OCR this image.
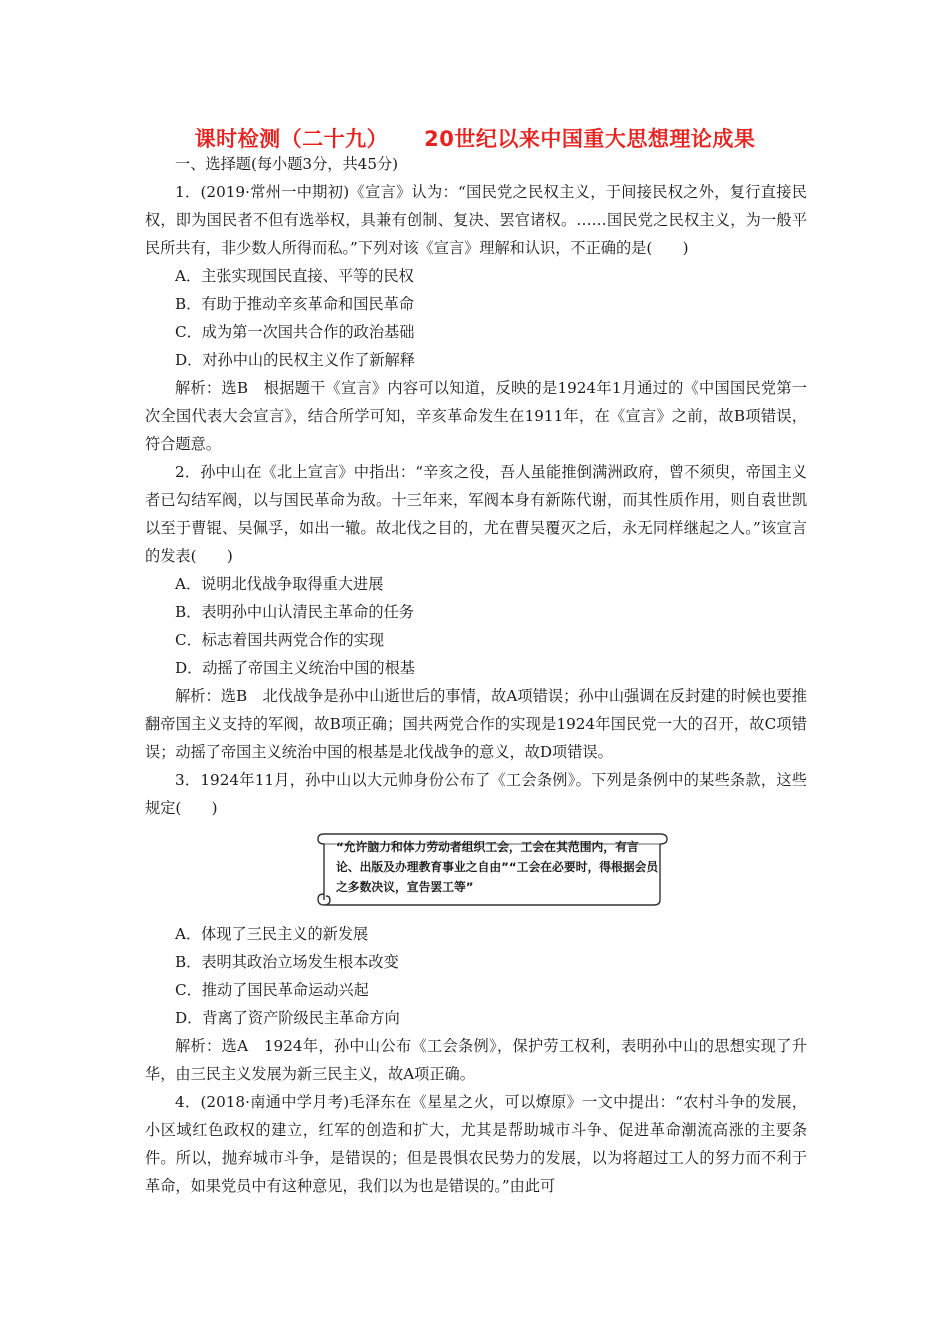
课时检测（二十九） 20世纪以来中国重大思想理论成果

一、选择题(每小题3分，共45分)

1．(2019·常州一中期初)《宣言》认为：“国民党之民权主义，于间接民权之外，复行直接民权，即为国民者不但有选举权，具兼有创制、复决、罢官诸权。……国民党之民权主义，为一般平民所共有，非少数人所得而私。”下列对该《宣言》理解和认识，不正确的是(　　)

A．主张实现国民直接、平等的民权

B．有助于推动辛亥革命和国民革命

C．成为第一次国共合作的政治基础

D．对孙中山的民权主义作了新解释

解析：选B　根据题干《宣言》内容可以知道，反映的是1924年1月通过的《中国国民党第一次全国代表大会宣言》，结合所学可知，辛亥革命发生在1911年，在《宣言》之前，故B项错误，符合题意。

2．孙中山在《北上宣言》中指出：“辛亥之役，吾人虽能推倒满洲政府，曾不须臾，帝国主义者已勾结军阀，以与国民革命为敌。十三年来，军阀本身有新陈代谢，而其性质作用，则自袁世凯以至于曹锟、吴佩孚，如出一辙。故北伐之目的，尤在曹吴覆灭之后，永无同样继起之人。”该宣言的发表(　　)

A．说明北伐战争取得重大进展

B．表明孙中山认清民主革命的任务

C．标志着国共两党合作的实现

D．动摇了帝国主义统治中国的根基

解析：选B　北伐战争是孙中山逝世后的事情，故A项错误；孙中山强调在反封建的时候也要推翻帝国主义支持的军阀，故B项正确；国共两党合作的实现是1924年国民党一大的召开，故C项错误；动摇了帝国主义统治中国的根基是北伐战争的意义，故D项错误。

3．1924年11月，孙中山以大元帅身份公布了《工会条例》。下列是条例中的某些条款，这些规定(　　)

“允许脑力和体力劳动者组织工会，工会在其范围内，有言论、出版及办理教育事业之自由”“工会在必要时，得根据会员之多数决议，宣告罢工等”

A．体现了三民主义的新发展

B．表明其政治立场发生根本改变

C．推动了国民革命运动兴起

D．背离了资产阶级民主革命方向

解析：选A　1924年，孙中山公布《工会条例》，保护劳工权利，表明孙中山的思想实现了升华，由三民主义发展为新三民主义，故A项正确。

4．(2018·南通中学月考)毛泽东在《星星之火，可以燎原》一文中提出：“农村斗争的发展，小区域红色政权的建立，红军的创造和扩大，尤其是帮助城市斗争、促进革命潮流高涨的主要条件。所以，抛弃城市斗争，是错误的；但是畏惧农民势力的发展，以为将超过工人的努力而不利于革命，如果党员中有这种意见，我们以为也是错误的。”由此可
